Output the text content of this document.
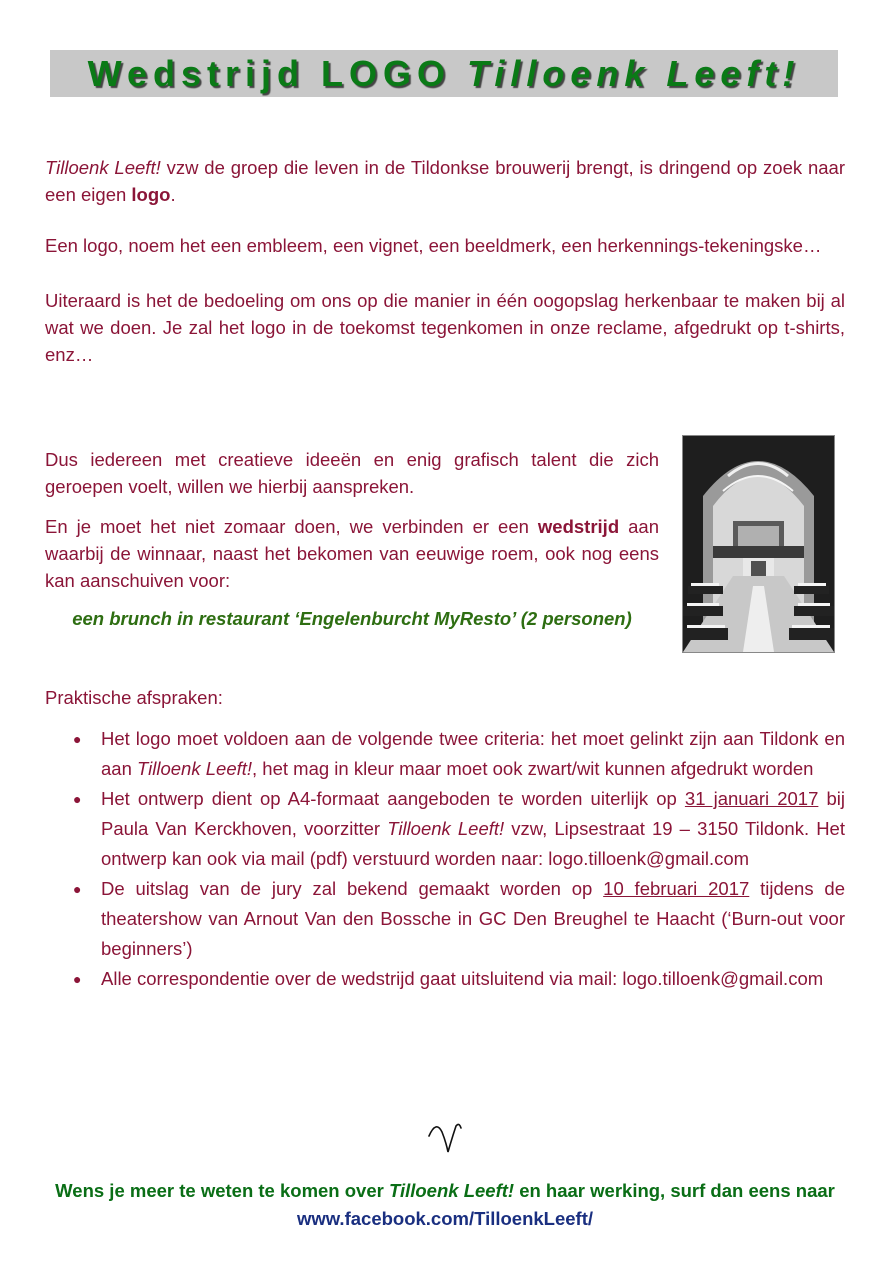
Wedstrijd LOGO Tilloenk Leeft!

Tilloenk Leeft! vzw de groep die leven in de Tildonkse brouwerij brengt, is dringend op zoek naar een eigen logo.

Een logo, noem het een embleem, een vignet, een beeldmerk, een herkennings-tekeningske…

Uiteraard is het de bedoeling om ons op die manier in één oogopslag herkenbaar te maken bij al wat we doen. Je zal het logo in de toekomst tegenkomen in onze reclame, afgedrukt op t-shirts, enz…

Dus iedereen met creatieve ideeën en enig grafisch talent die zich geroepen voelt, willen we hierbij aanspreken.

En je moet het niet zomaar doen, we verbinden er een wedstrijd aan waarbij de winnaar, naast het bekomen van eeuwige roem, ook nog eens kan aanschuiven voor:

een brunch in restaurant ‘Engelenburcht MyResto’ (2 personen)
Praktische afspraken:
● Het logo moet voldoen aan de volgende twee criteria: het moet gelinkt zijn aan Tildonk en aan Tilloenk Leeft!, het mag in kleur maar moet ook zwart/wit kunnen afgedrukt worden
● Het ontwerp dient op A4-formaat aangeboden te worden uiterlijk op 31 januari 2017 bij Paula Van Kerckhoven, voorzitter Tilloenk Leeft! vzw, Lipsestraat 19 – 3150 Tildonk. Het ontwerp kan ook via mail (pdf) verstuurd worden naar: logo.tilloenk@gmail.com
● De uitslag van de jury zal bekend gemaakt worden op 10 februari 2017 tijdens de theatershow van Arnout Van den Bossche in GC Den Breughel te Haacht (‘Burn-out voor beginners’)
● Alle correspondentie over de wedstrijd gaat uitsluitend via mail: logo.tilloenk@gmail.com
Wens je meer te weten te komen over Tilloenk Leeft! en haar werking, surf dan eens naar
www.facebook.com/TilloenkLeeft/
